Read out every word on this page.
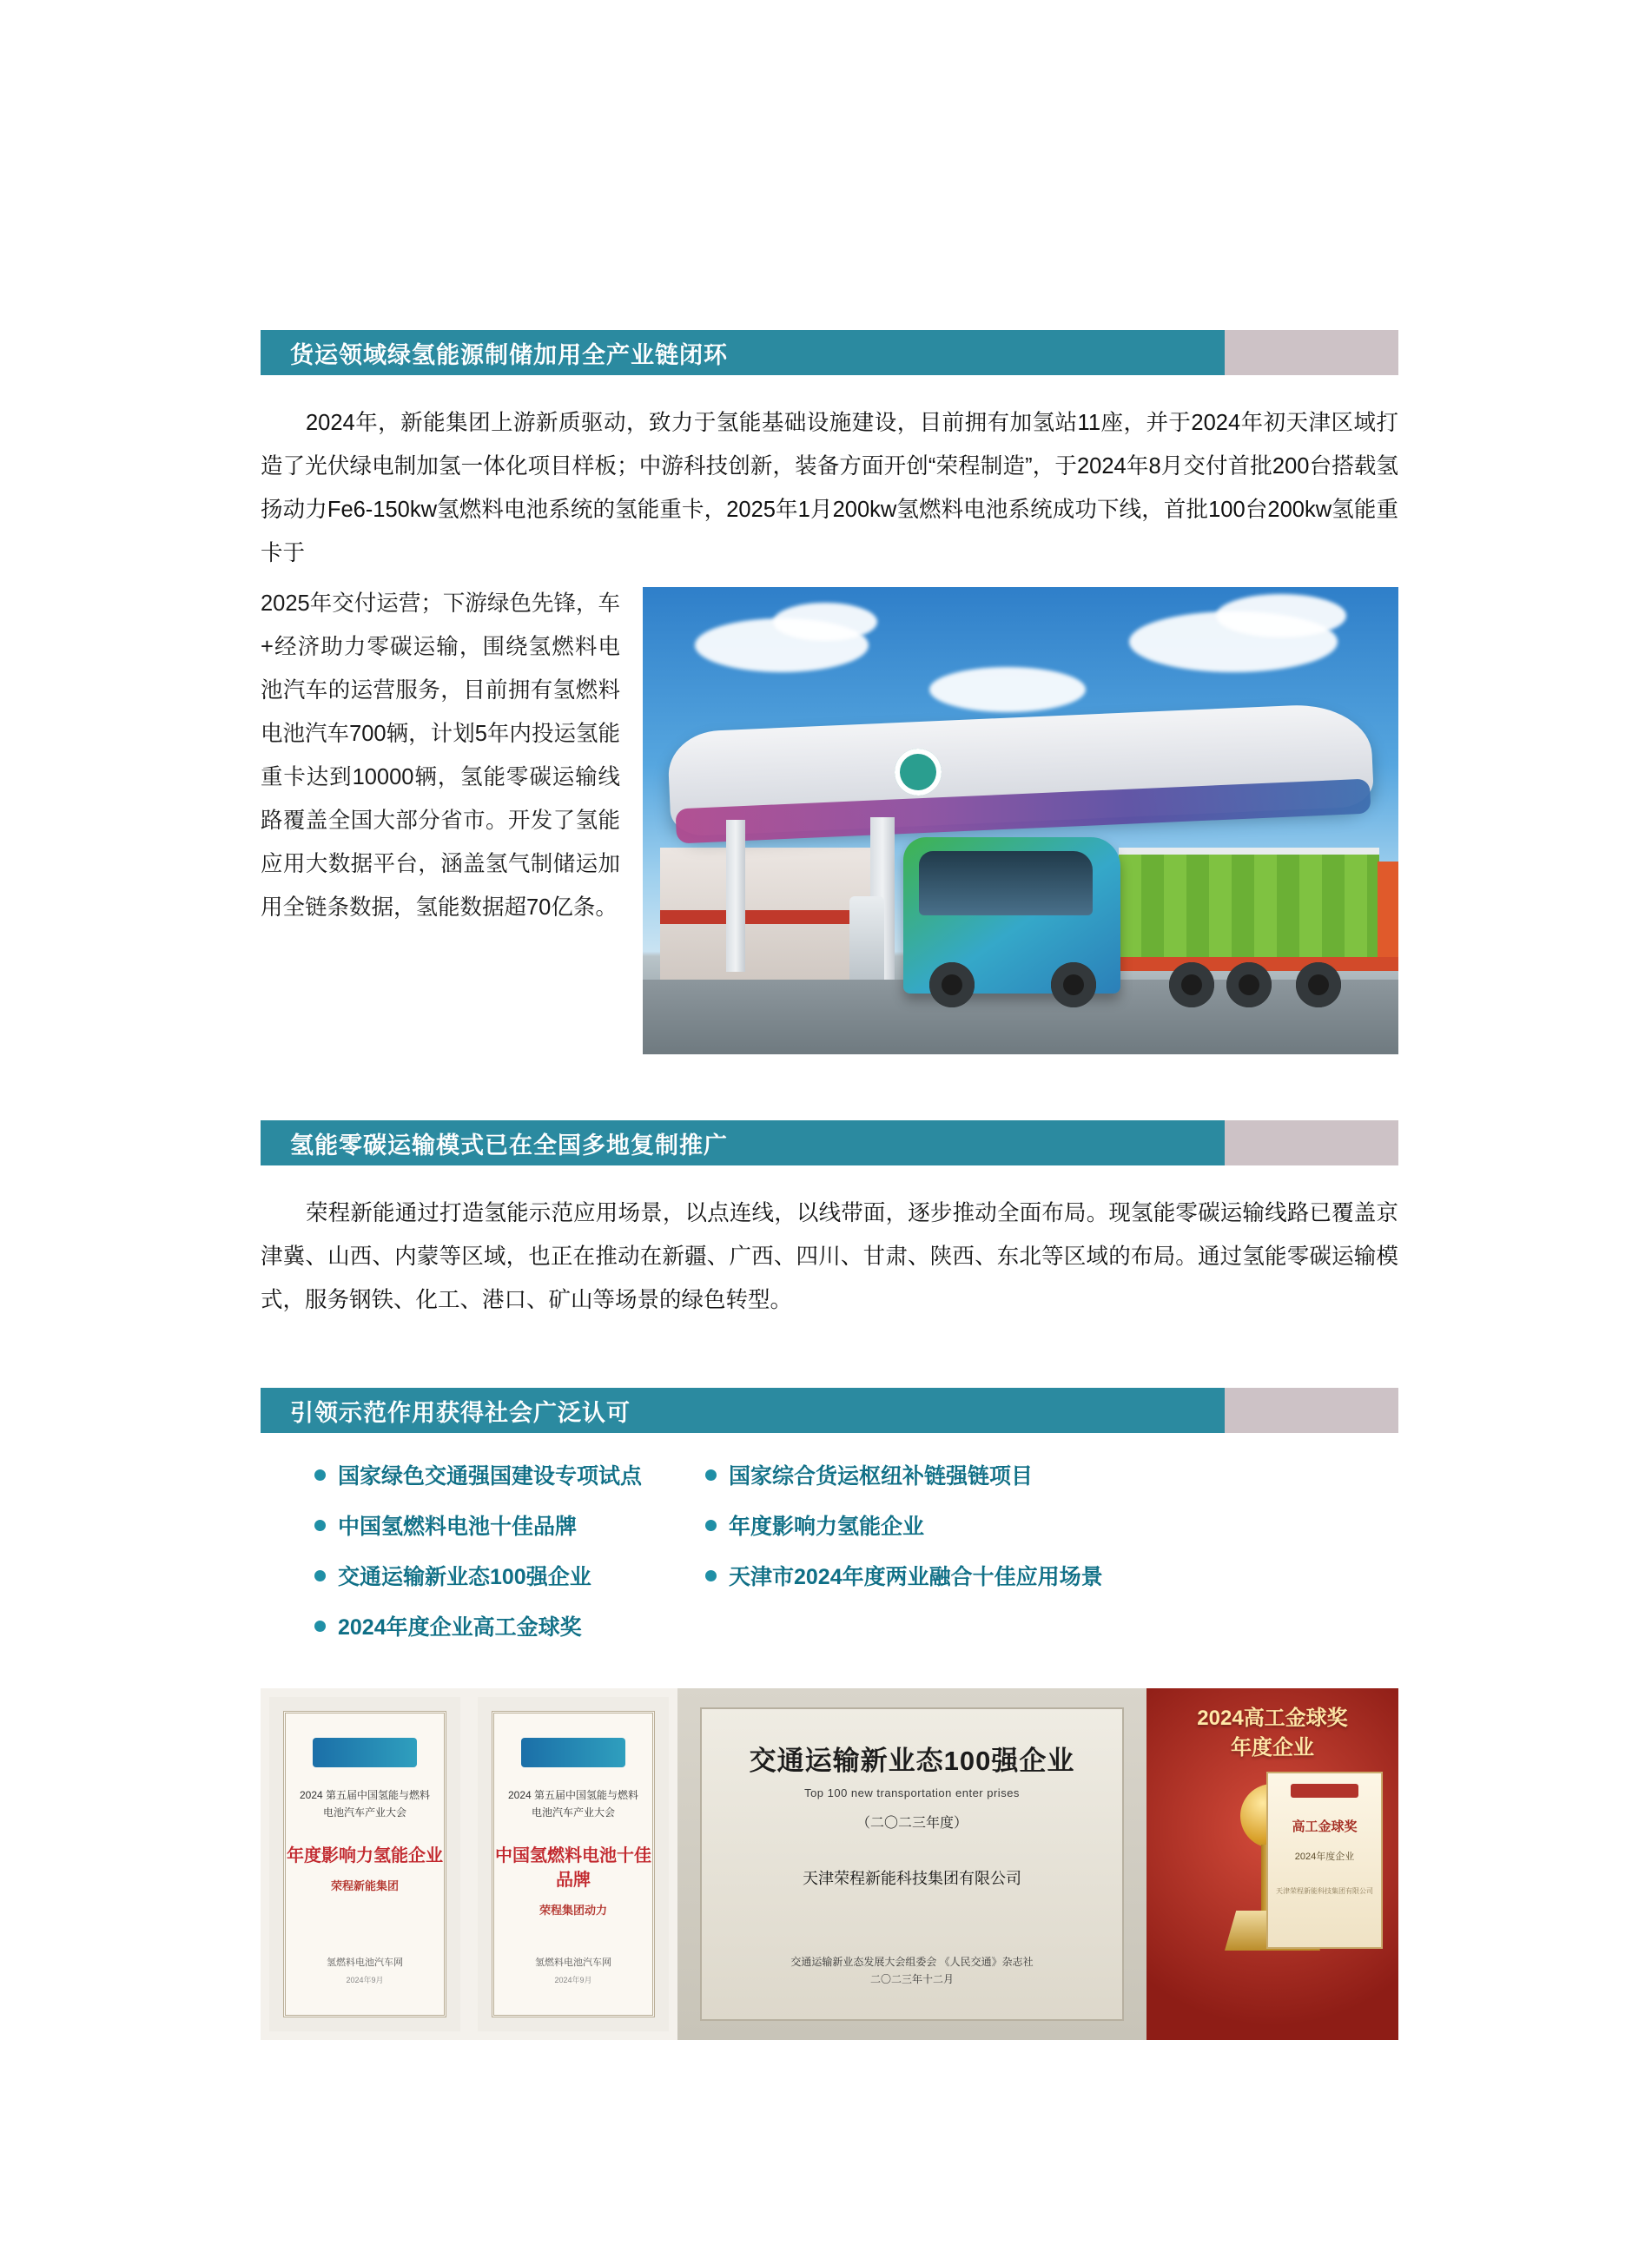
货运领域绿氢能源制储加用全产业链闭环

2024年，新能集团上游新质驱动，致力于氢能基础设施建设，目前拥有加氢站11座，并于2024年初天津区域打造了光伏绿电制加氢一体化项目样板；中游科技创新，装备方面开创“荣程制造”，于2024年8月交付首批200台搭载氢扬动力Fe6-150kw氢燃料电池系统的氢能重卡，2025年1月200kw氢燃料电池系统成功下线，首批100台200kw氢能重卡于

2025年交付运营；下游绿色先锋，车+经济助力零碳运输，围绕氢燃料电池汽车的运营服务，目前拥有氢燃料电池汽车700辆，计划5年内投运氢能重卡达到10000辆，氢能零碳运输线路覆盖全国大部分省市。开发了氢能应用大数据平台，涵盖氢气制储运加用全链条数据，氢能数据超70亿条。

氢能零碳运输模式已在全国多地复制推广

荣程新能通过打造氢能示范应用场景，以点连线，以线带面，逐步推动全面布局。现氢能零碳运输线路已覆盖京津冀、山西、内蒙等区域，也正在推动在新疆、广西、四川、甘肃、陕西、东北等区域的布局。通过氢能零碳运输模式，服务钢铁、化工、港口、矿山等场景的绿色转型。

引领示范作用获得社会广泛认可
国家绿色交通强国建设专项试点	国家综合货运枢纽补链强链项目
中国氢燃料电池十佳品牌	年度影响力氢能企业
交通运输新业态100强企业	天津市2024年度两业融合十佳应用场景
2024年度企业高工金球奖
2024 第五届中国氢能与燃料电池汽车产业大会
年度影响力氢能企业
荣程新能集团
氢燃料电池汽车网
2024年9月
2024 第五届中国氢能与燃料电池汽车产业大会
中国氢燃料电池十佳品牌
荣程集团动力
氢燃料电池汽车网
2024年9月
交通运输新业态100强企业
Top 100 new transportation enter prises
（二〇二三年度）
天津荣程新能科技集团有限公司
交通运输新业态发展大会组委会 《人民交通》杂志社
二〇二三年十二月
2024高工金球奖
年度企业
高工金球奖
2024年度企业
天津荣程新能科技集团有限公司
